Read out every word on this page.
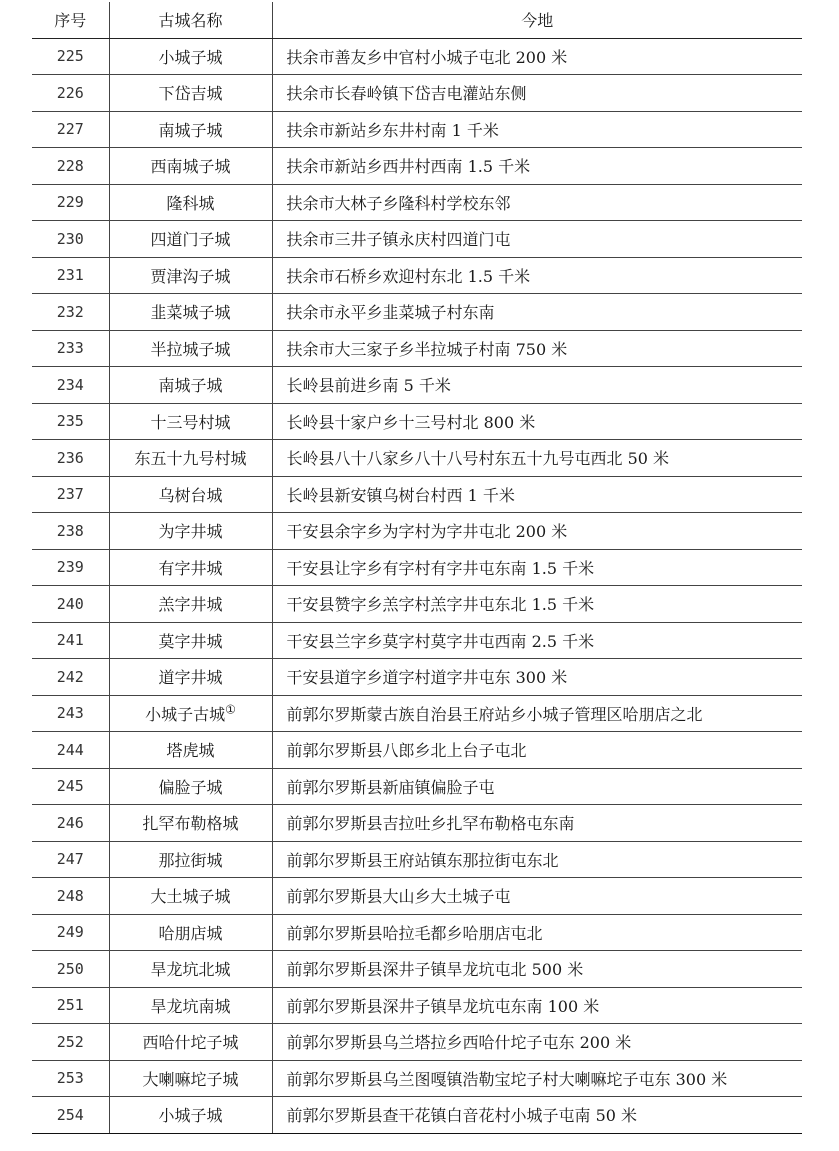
序号	古城名称	今地
225	小城子城	扶余市善友乡中官村小城子屯北 200 米
226	下岱吉城	扶余市长春岭镇下岱吉电灌站东侧
227	南城子城	扶余市新站乡东井村南 1 千米
228	西南城子城	扶余市新站乡西井村西南 1.5 千米
229	隆科城	扶余市大林子乡隆科村学校东邻
230	四道门子城	扶余市三井子镇永庆村四道门屯
231	贾津沟子城	扶余市石桥乡欢迎村东北 1.5 千米
232	韭菜城子城	扶余市永平乡韭菜城子村东南
233	半拉城子城	扶余市大三家子乡半拉城子村南 750 米
234	南城子城	长岭县前进乡南 5 千米
235	十三号村城	长岭县十家户乡十三号村北 800 米
236	东五十九号村城	长岭县八十八家乡八十八号村东五十九号屯西北 50 米
237	乌树台城	长岭县新安镇乌树台村西 1 千米
238	为字井城	干安县余字乡为字村为字井屯北 200 米
239	有字井城	干安县让字乡有字村有字井屯东南 1.5 千米
240	羔字井城	干安县赞字乡羔字村羔字井屯东北 1.5 千米
241	莫字井城	干安县兰字乡莫字村莫字井屯西南 2.5 千米
242	道字井城	干安县道字乡道字村道字井屯东 300 米
243	小城子古城①	前郭尔罗斯蒙古族自治县王府站乡小城子管理区哈朋店之北
244	塔虎城	前郭尔罗斯县八郎乡北上台子屯北
245	偏脸子城	前郭尔罗斯县新庙镇偏脸子屯
246	扎罕布勒格城	前郭尔罗斯县吉拉吐乡扎罕布勒格屯东南
247	那拉街城	前郭尔罗斯县王府站镇东那拉街屯东北
248	大土城子城	前郭尔罗斯县大山乡大土城子屯
249	哈朋店城	前郭尔罗斯县哈拉毛都乡哈朋店屯北
250	旱龙坑北城	前郭尔罗斯县深井子镇旱龙坑屯北 500 米
251	旱龙坑南城	前郭尔罗斯县深井子镇旱龙坑屯东南 100 米
252	西哈什坨子城	前郭尔罗斯县乌兰塔拉乡西哈什坨子屯东 200 米
253	大喇嘛坨子城	前郭尔罗斯县乌兰图嘎镇浩勒宝坨子村大喇嘛坨子屯东 300 米
254	小城子城	前郭尔罗斯县查干花镇白音花村小城子屯南 50 米
